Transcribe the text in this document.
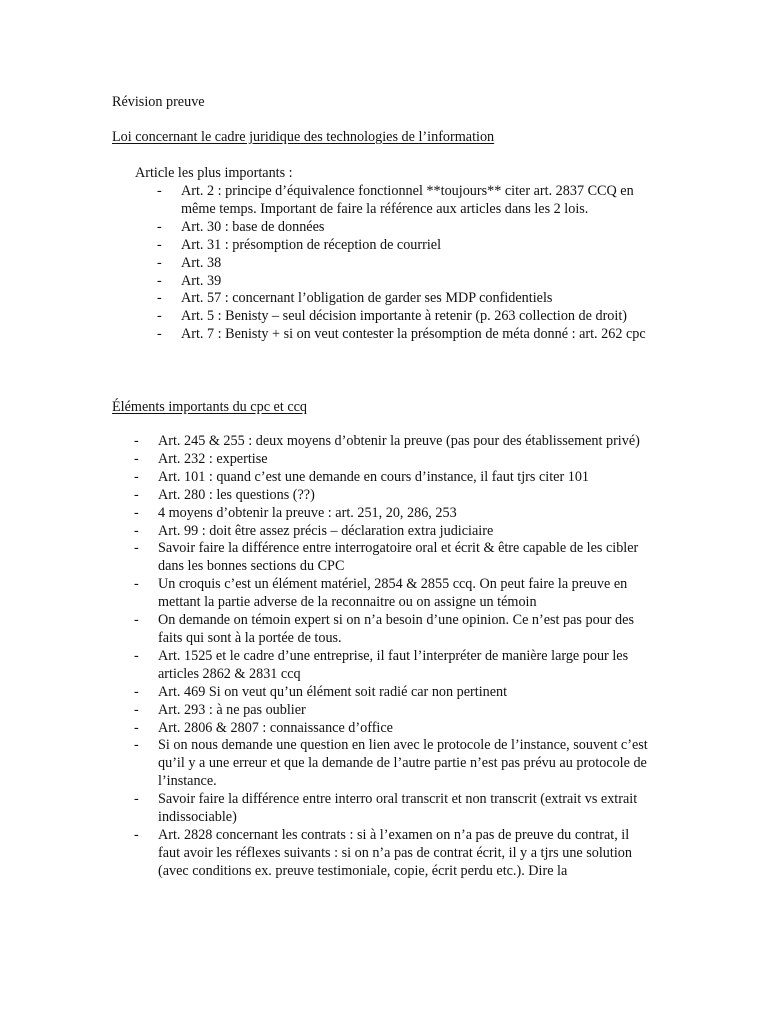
Révision preuve
Loi concernant le cadre juridique des technologies de l’information
Article les plus importants :
- Art. 2 : principe d’équivalence fonctionnel **toujours** citer art. 2837 CCQ en même temps. Important de faire la référence aux articles dans les 2 lois.
- Art. 30 : base de données
- Art. 31 : présomption de réception de courriel
- Art. 38
- Art. 39
- Art. 57 : concernant l’obligation de garder ses MDP confidentiels
- Art. 5 : Benisty – seul décision importante à retenir (p. 263 collection de droit)
- Art. 7 : Benisty + si on veut contester la présomption de méta donné : art. 262 cpc
Éléments importants du cpc et ccq
- Art. 245 & 255 : deux moyens d’obtenir la preuve (pas pour des établissement privé)
- Art. 232 : expertise
- Art. 101 : quand c’est une demande en cours d’instance, il faut tjrs citer 101
- Art. 280 : les questions (??)
- 4 moyens d’obtenir la preuve : art. 251, 20, 286, 253
- Art. 99 : doit être assez précis – déclaration extra judiciaire
- Savoir faire la différence entre interrogatoire oral et écrit & être capable de les cibler dans les bonnes sections du CPC
- Un croquis c’est un élément matériel, 2854 & 2855 ccq. On peut faire la preuve en mettant la partie adverse de la reconnaitre ou on assigne un témoin
- On demande on témoin expert si on n’a besoin d’une opinion. Ce n’est pas pour des faits qui sont à la portée de tous.
- Art. 1525 et le cadre d’une entreprise, il faut l’interpréter de manière large pour les articles 2862 & 2831 ccq
- Art. 469 Si on veut qu’un élément soit radié car non pertinent
- Art. 293 : à ne pas oublier
- Art. 2806 & 2807 : connaissance d’office
- Si on nous demande une question en lien avec le protocole de l’instance, souvent c’est qu’il y a une erreur et que la demande de l’autre partie n’est pas prévu au protocole de l’instance.
- Savoir faire la différence entre interro oral transcrit et non transcrit (extrait vs extrait indissociable)
- Art. 2828 concernant les contrats : si à l’examen on n’a pas de preuve du contrat, il faut avoir les réflexes suivants : si on n’a pas de contrat écrit, il y a tjrs une solution (avec conditions ex. preuve testimoniale, copie, écrit perdu etc.). Dire la
